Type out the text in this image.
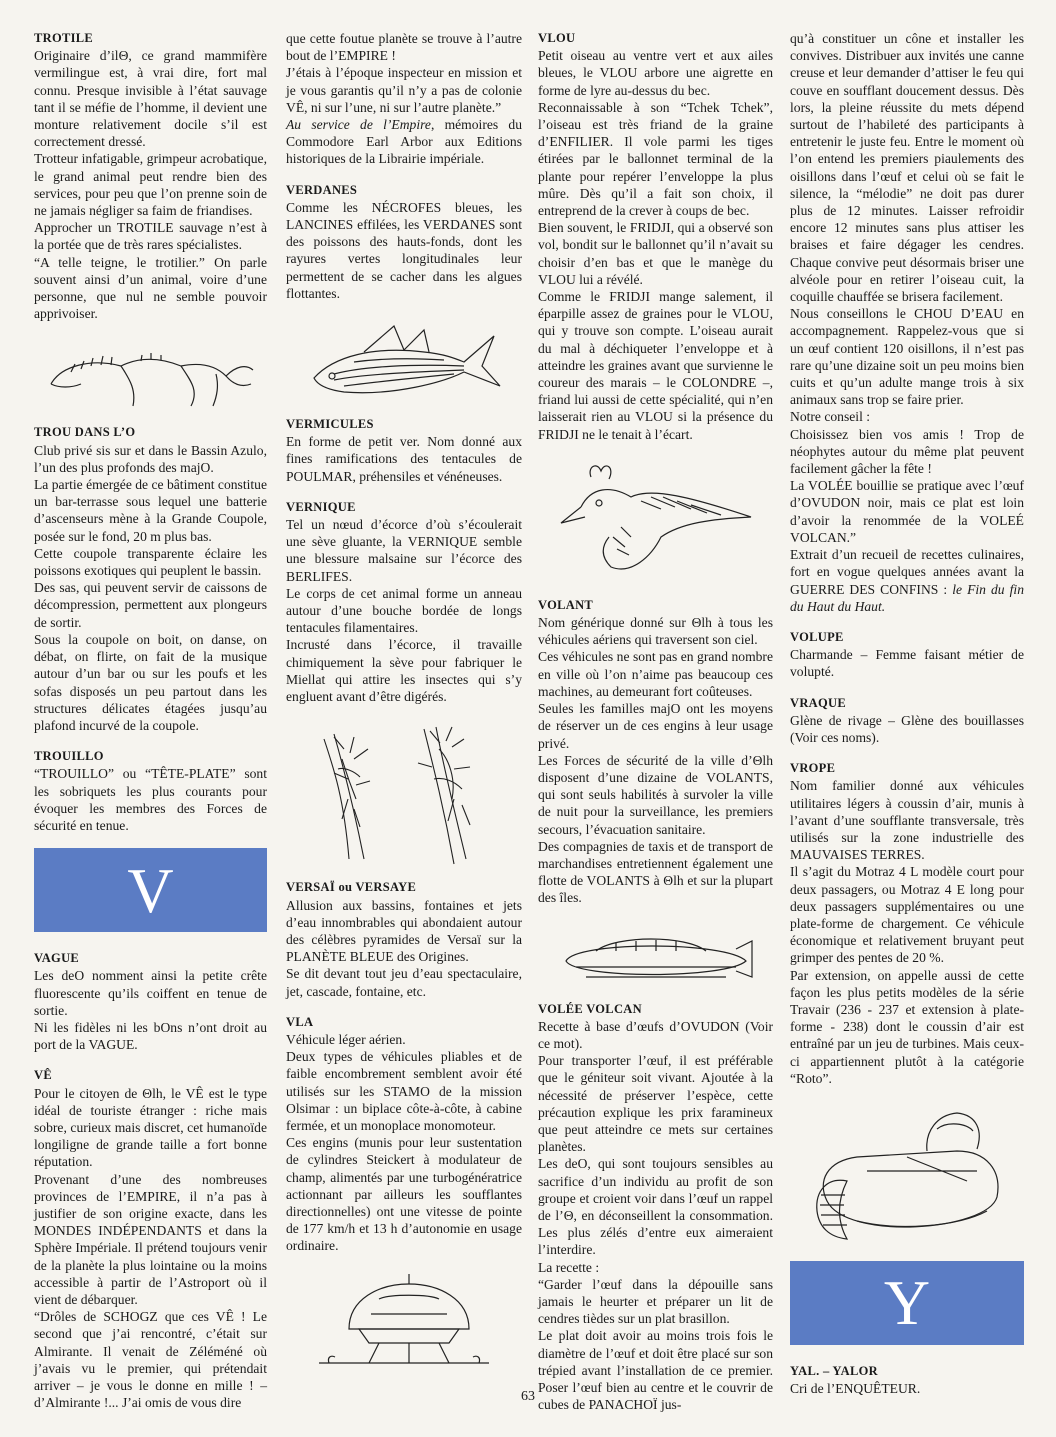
TROTILE

Originaire d’ilΘ, ce grand mammifère vermilingue est, à vrai dire, fort mal connu. Presque invisible à l’état sauvage tant il se méfie de l’homme, il devient une monture relativement docile s’il est correctement dressé.

Trotteur infatigable, grimpeur acrobatique, le grand animal peut rendre bien des services, pour peu que l’on prenne soin de ne jamais négliger sa faim de friandises.

Approcher un TROTILE sauvage n’est à la portée que de très rares spécialistes.

“A telle teigne, le trotilier.” On parle souvent ainsi d’un animal, voire d’une personne, que nul ne semble pouvoir apprivoiser.

TROU DANS L’O

Club privé sis sur et dans le Bassin Azulo, l’un des plus profonds des majO.

La partie émergée de ce bâtiment constitue un bar-terrasse sous lequel une batterie d’ascenseurs mène à la Grande Coupole, posée sur le fond, 20 m plus bas.

Cette coupole transparente éclaire les poissons exotiques qui peuplent le bassin.

Des sas, qui peuvent servir de caissons de décompression, permettent aux plongeurs de sortir.

Sous la coupole on boit, on danse, on débat, on flirte, on fait de la musique autour d’un bar ou sur les poufs et les sofas disposés un peu partout dans les structures délicates étagées jusqu’au plafond incurvé de la coupole.

TROUILLO

“TROUILLO” ou “TÊTE-PLATE” sont les sobriquets les plus courants pour évoquer les membres des Forces de sécurité en tenue.

V
VAGUE

Les deO nomment ainsi la petite crête fluorescente qu’ils coiffent en tenue de sortie.

Ni les fidèles ni les bOns n’ont droit au port de la VAGUE.

VÊ

Pour le citoyen de Θlh, le VÊ est le type idéal de touriste étranger : riche mais sobre, curieux mais discret, cet humanoïde longiligne de grande taille a fort bonne réputation.

Provenant d’une des nombreuses provinces de l’EMPIRE, il n’a pas à justifier de son origine exacte, dans les MONDES INDÉPENDANTS et dans la Sphère Impériale. Il prétend toujours venir de la planète la plus lointaine ou la moins accessible à partir de l’Astroport où il vient de débarquer.

“Drôles de SCHOGZ que ces VÊ ! Le second que j’ai rencontré, c’était sur Almirante. Il venait de Zéléméné où j’avais vu le premier, qui prétendait arriver – je vous le donne en mille ! – d’Almirante !... J’ai omis de vous dire

que cette foutue planète se trouve à l’autre bout de l’EMPIRE !

J’étais à l’époque inspecteur en mission et je vous garantis qu’il n’y a pas de colonie VÊ, ni sur l’une, ni sur l’autre planète.”

Au service de l’Empire, mémoires du Commodore Earl Arbor aux Editions historiques de la Librairie impériale.

VERDANES

Comme les NÉCROFES bleues, les LANCINES effilées, les VERDANES sont des poissons des hauts-fonds, dont les rayures vertes longitudinales leur permettent de se cacher dans les algues flottantes.

VERMICULES

En forme de petit ver. Nom donné aux fines ramifications des tentacules de POULMAR, préhensiles et vénéneuses.

VERNIQUE

Tel un nœud d’écorce d’où s’écoulerait une sève gluante, la VERNIQUE semble une blessure malsaine sur l’écorce des BERLIFES.

Le corps de cet animal forme un anneau autour d’une bouche bordée de longs tentacules filamentaires.

Incrusté dans l’écorce, il travaille chimiquement la sève pour fabriquer le Miellat qui attire les insectes qui s’y engluent avant d’être digérés.

VERSAÏ ou VERSAYE

Allusion aux bassins, fontaines et jets d’eau innombrables qui abondaient autour des célèbres pyramides de Versaï sur la PLANÈTE BLEUE des Origines.

Se dit devant tout jeu d’eau spectaculaire, jet, cascade, fontaine, etc.

VLA

Véhicule léger aérien.

Deux types de véhicules pliables et de faible encombrement semblent avoir été utilisés sur les STAMO de la mission Olsimar : un biplace côte-à-côte, à cabine fermée, et un monoplace monomoteur.

Ces engins (munis pour leur sustentation de cylindres Steickert à modulateur de champ, alimentés par une turbogénératrice actionnant par ailleurs les soufflantes directionnelles) ont une vitesse de pointe de 177 km/h et 13 h d’autonomie en usage ordinaire.

VLOU

Petit oiseau au ventre vert et aux ailes bleues, le VLOU arbore une aigrette en forme de lyre au-dessus du bec.

Reconnaissable à son “Tchek Tchek”, l’oiseau est très friand de la graine d’ENFILIER. Il vole parmi les tiges étirées par le ballonnet terminal de la plante pour repérer l’enveloppe la plus mûre. Dès qu’il a fait son choix, il entreprend de la crever à coups de bec.

Bien souvent, le FRIDJI, qui a observé son vol, bondit sur le ballonnet qu’il n’avait su choisir d’en bas et que le manège du VLOU lui a révélé.

Comme le FRIDJI mange salement, il éparpille assez de graines pour le VLOU, qui y trouve son compte. L’oiseau aurait du mal à déchiqueter l’enveloppe et à atteindre les graines avant que survienne le coureur des marais – le COLONDRE –, friand lui aussi de cette spécialité, qui n’en laisserait rien au VLOU si la présence du FRIDJI ne le tenait à l’écart.

VOLANT

Nom générique donné sur Θlh à tous les véhicules aériens qui traversent son ciel.

Ces véhicules ne sont pas en grand nombre en ville où l’on n’aime pas beaucoup ces machines, au demeurant fort coûteuses.

Seules les familles majO ont les moyens de réserver un de ces engins à leur usage privé.

Les Forces de sécurité de la ville d’Θlh disposent d’une dizaine de VOLANTS, qui sont seuls habilités à survoler la ville de nuit pour la surveillance, les premiers secours, l’évacuation sanitaire.

Des compagnies de taxis et de transport de marchandises entretiennent également une flotte de VOLANTS à Θlh et sur la plupart des îles.

VOLÉE VOLCAN

Recette à base d’œufs d’OVUDON (Voir ce mot).

Pour transporter l’œuf, il est préférable que le géniteur soit vivant. Ajoutée à la nécessité de préserver l’espèce, cette précaution explique les prix faramineux que peut atteindre ce mets sur certaines planètes.

Les deO, qui sont toujours sensibles au sacrifice d’un individu au profit de son groupe et croient voir dans l’œuf un rappel de l’Θ, en déconseillent la consommation. Les plus zélés d’entre eux aimeraient l’interdire.

La recette :

“Garder l’œuf dans la dépouille sans jamais le heurter et préparer un lit de cendres tièdes sur un plat brasillon.

Le plat doit avoir au moins trois fois le diamètre de l’œuf et doit être placé sur son trépied avant l’installation de ce premier. Poser l’œuf bien au centre et le couvrir de cubes de PANACHOÏ jus-

qu’à constituer un cône et installer les convives. Distribuer aux invités une canne creuse et leur demander d’attiser le feu qui couve en soufflant doucement dessus. Dès lors, la pleine réussite du mets dépend surtout de l’habileté des participants à entretenir le juste feu. Entre le moment où l’on entend les premiers piaulements des oisillons dans l’œuf et celui où se fait le silence, la “mélodie” ne doit pas durer plus de 12 minutes. Laisser refroidir encore 12 minutes sans plus attiser les braises et faire dégager les cendres. Chaque convive peut désormais briser une alvéole pour en retirer l’oiseau cuit, la coquille chauffée se brisera facilement.

Nous conseillons le CHOU D’EAU en accompagnement. Rappelez-vous que si un œuf contient 120 oisillons, il n’est pas rare qu’une dizaine soit un peu moins bien cuits et qu’un adulte mange trois à six animaux sans trop se faire prier.

Notre conseil :

Choisissez bien vos amis ! Trop de néophytes autour du même plat peuvent facilement gâcher la fête !

La VOLÉE bouillie se pratique avec l’œuf d’OVUDON noir, mais ce plat est loin d’avoir la renommée de la VOLEÉ VOLCAN.”

Extrait d’un recueil de recettes culinaires, fort en vogue quelques années avant la GUERRE DES CONFINS : le Fin du fin du Haut du Haut.

VOLUPE

Charmande – Femme faisant métier de volupté.

VRAQUE

Glène de rivage – Glène des bouillasses (Voir ces noms).

VROPE

Nom familier donné aux véhicules utilitaires légers à coussin d’air, munis à l’avant d’une soufflante transversale, très utilisés sur la zone industrielle des MAUVAISES TERRES.

Il s’agit du Motraz 4 L modèle court pour deux passagers, ou Motraz 4 E long pour deux passagers supplémentaires ou une plate-forme de chargement. Ce véhicule économique et relativement bruyant peut grimper des pentes de 20 %.

Par extension, on appelle aussi de cette façon les plus petits modèles de la série Travair (236 - 237 et extension à plate-forme - 238) dont le coussin d’air est entraîné par un jeu de turbines. Mais ceux-ci appartiennent plutôt à la catégorie “Roto”.

Y
YAL. – YALOR

Cri de l’ENQUÊTEUR.

63
